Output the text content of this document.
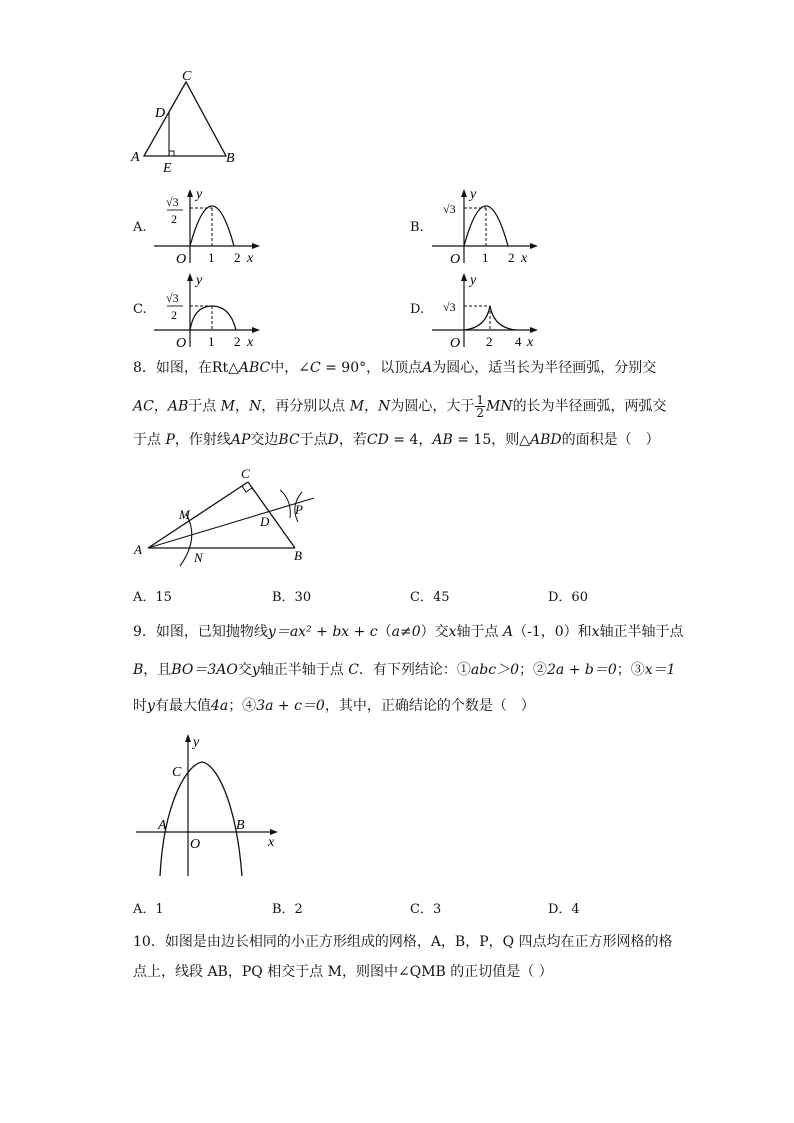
C
D
A
E
B
A.
√3
2
y
O 1 2 x
B.
√3
y
O 1 2 x
C.
√3
2
y
O 1 2 x
D. √3
y
O 2 4 x
8．如图，在Rt△ABC中，∠C = 90°，以顶点A为圆心，适当长为半径画弧，分别交
AC，AB于点 M，N，再分别以点 M，N为圆心，大于 $\frac{1}{2}$ MN的长为半径画弧，两弧交
于点 P，作射线AP交边BC于点D，若CD = 4，AB = 15，则△ABD的面积是（　）
C
M	D
P
A
N	B
A．15	B．30	C．45	D．60
9．如图，已知抛物线y＝ax² + bx + c（a≠0）交x轴于点 A（-1，0）和x轴正半轴于点
B，且BO＝3AO交y轴正半轴于点 C．有下列结论：①abc＞0；②2a + b＝0；③x＝1
时y有最大值4a；④3a + c＝0，其中，正确结论的个数是（　）
y
C
A	B
O	x
A．1	B．2	C．3	D．4
10．如图是由边长相同的小正方形组成的网格，A，B，P，Q 四点均在正方形网格的格
点上，线段 AB，PQ 相交于点 M，则图中∠QMB 的正切值是（ ）
